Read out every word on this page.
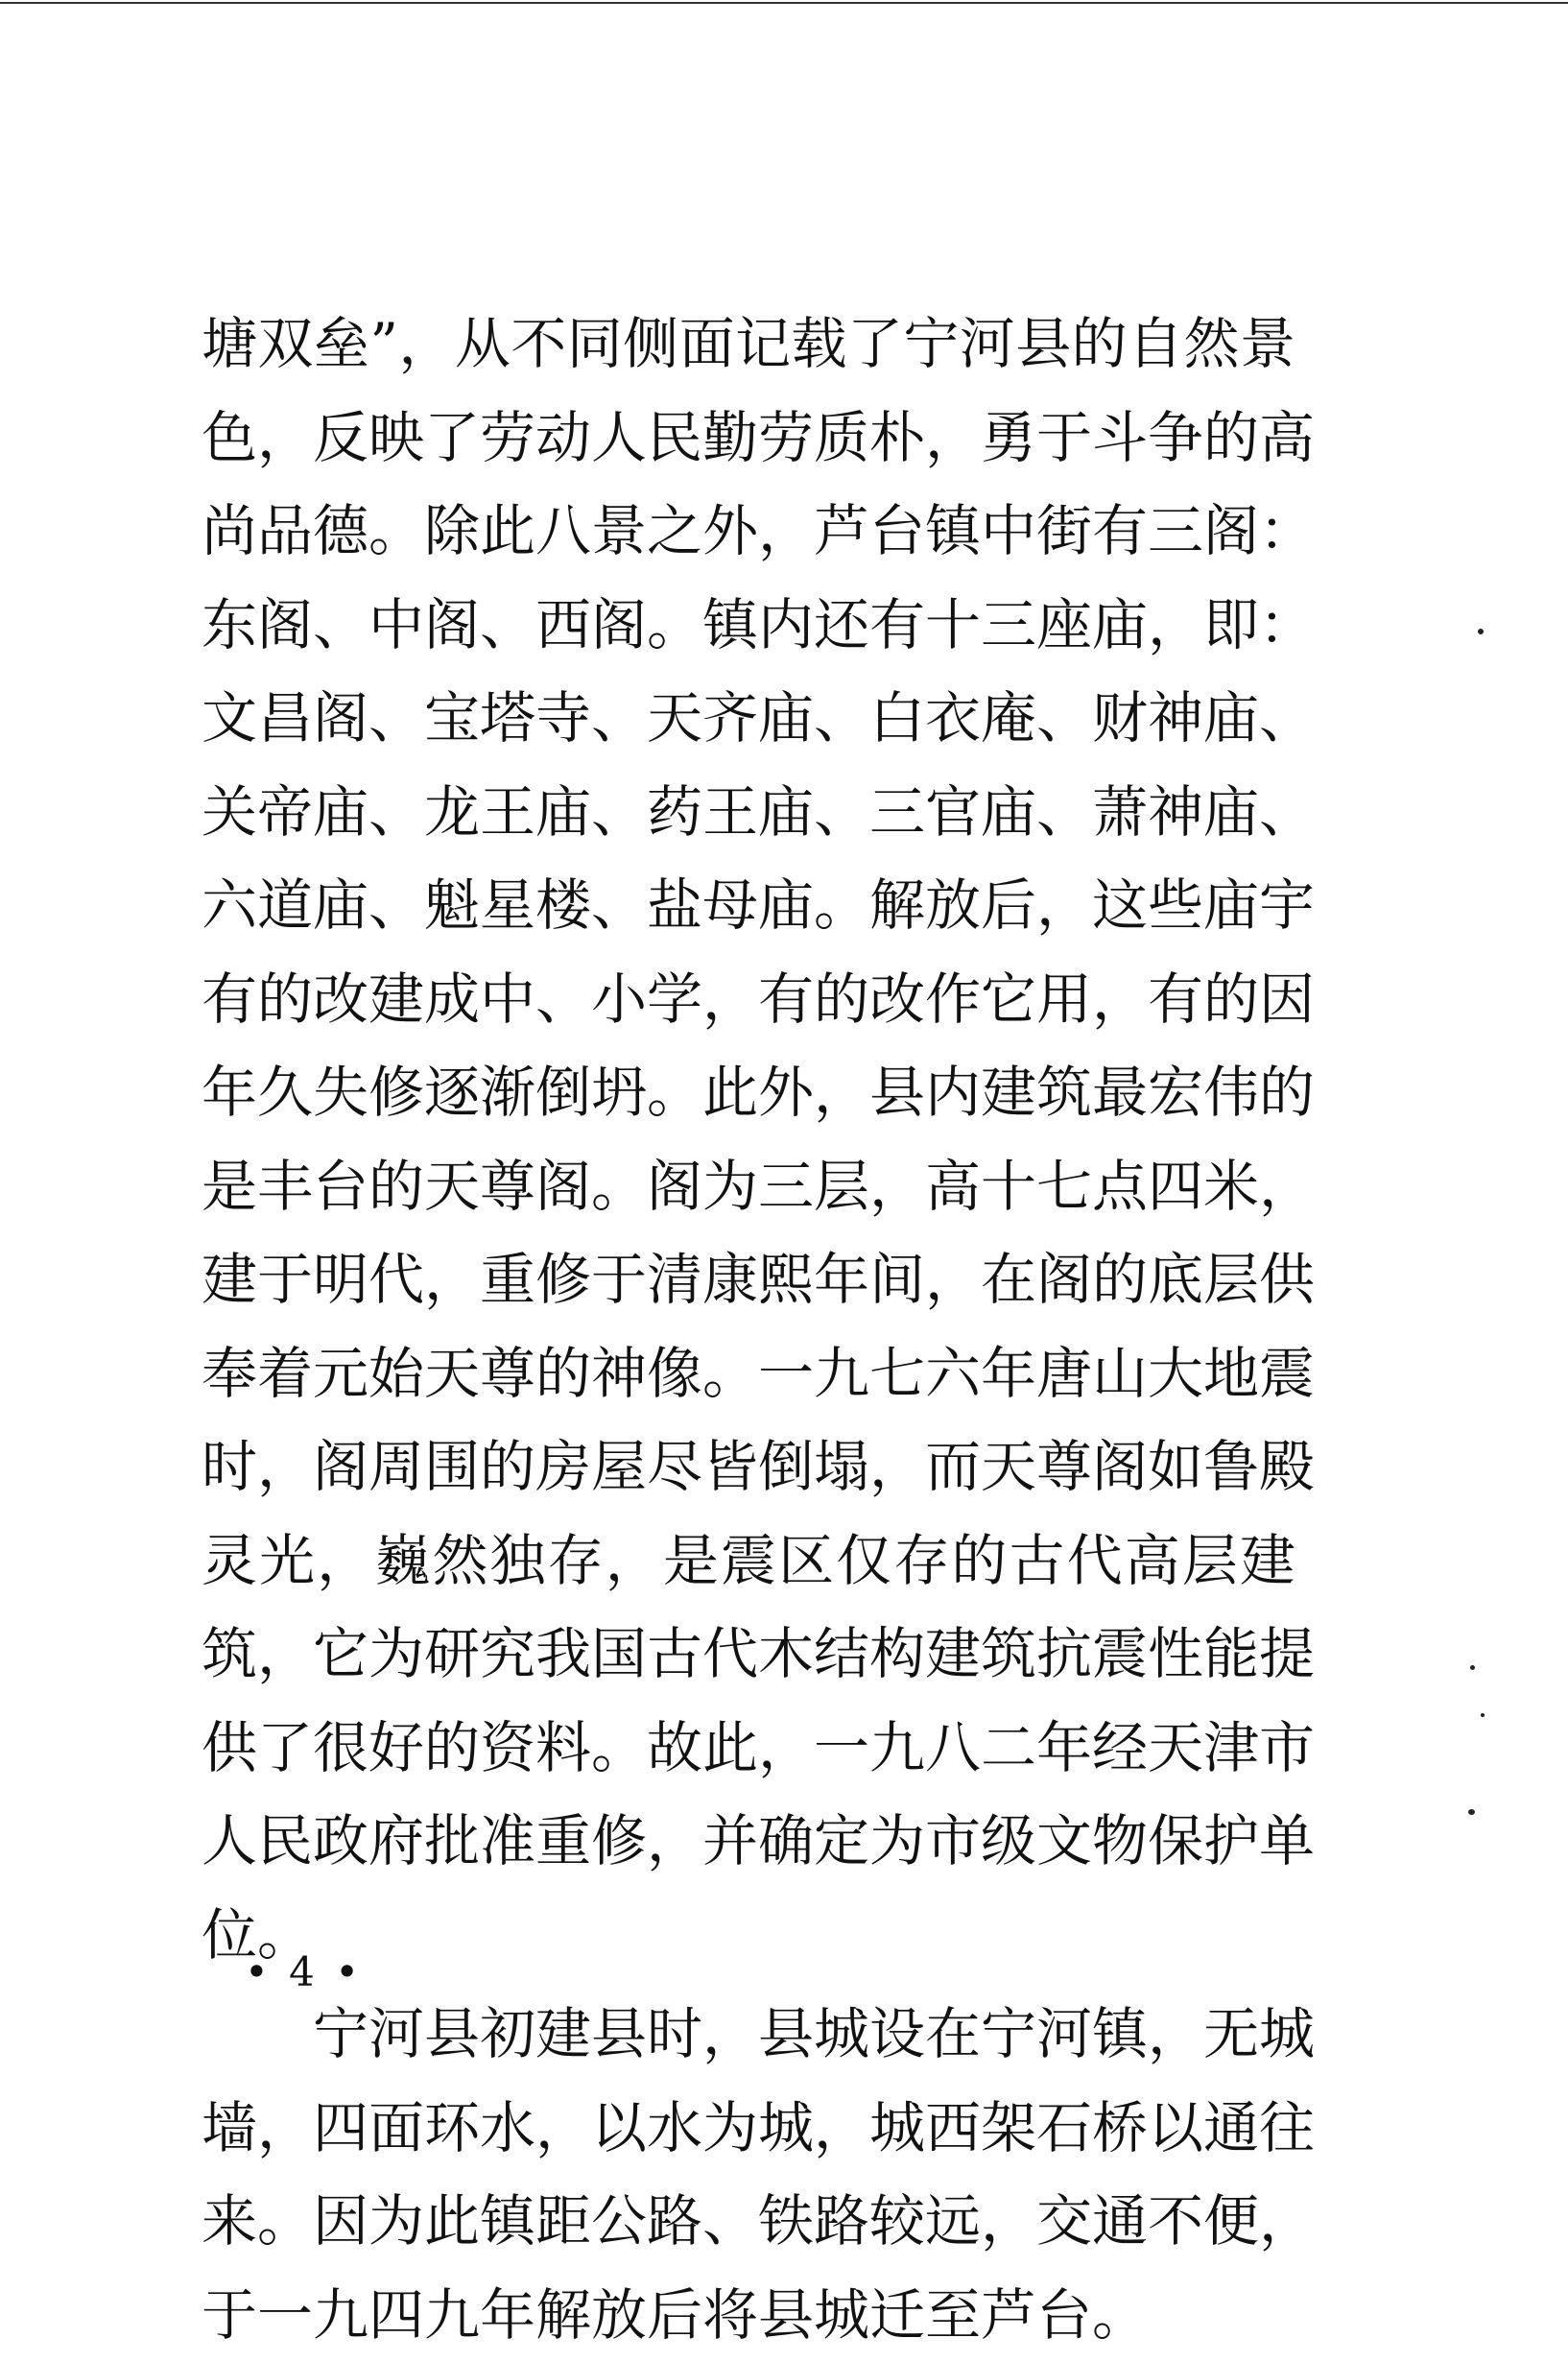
塘双垒”，从不同侧面记载了宁河县的自然景
色，反映了劳动人民勤劳质朴，勇于斗争的高
尚品德。除此八景之外，芦台镇中街有三阁：
东阁、中阁、西阁。镇内还有十三座庙，即：
文昌阁、宝塔寺、天齐庙、白衣庵、财神庙、
关帝庙、龙王庙、药王庙、三官庙、萧神庙、
六道庙、魁星楼、盐母庙。解放后，这些庙宇
有的改建成中、小学，有的改作它用，有的因
年久失修逐渐倒坍。此外，县内建筑最宏伟的
是丰台的天尊阁。阁为三层，高十七点四米，
建于明代，重修于清康熙年间，在阁的底层供
奉着元始天尊的神像。一九七六年唐山大地震
时，阁周围的房屋尽皆倒塌，而天尊阁如鲁殿
灵光，巍然独存，是震区仅存的古代高层建
筑，它为研究我国古代木结构建筑抗震性能提
供了很好的资料。故此，一九八二年经天津市
人民政府批准重修，并确定为市级文物保护单
位。
宁河县初建县时，县城设在宁河镇，无城
墙，四面环水，以水为城，城西架石桥以通往
来。因为此镇距公路、铁路较远，交通不便，
于一九四九年解放后将县城迁至芦台。
• 4 •
